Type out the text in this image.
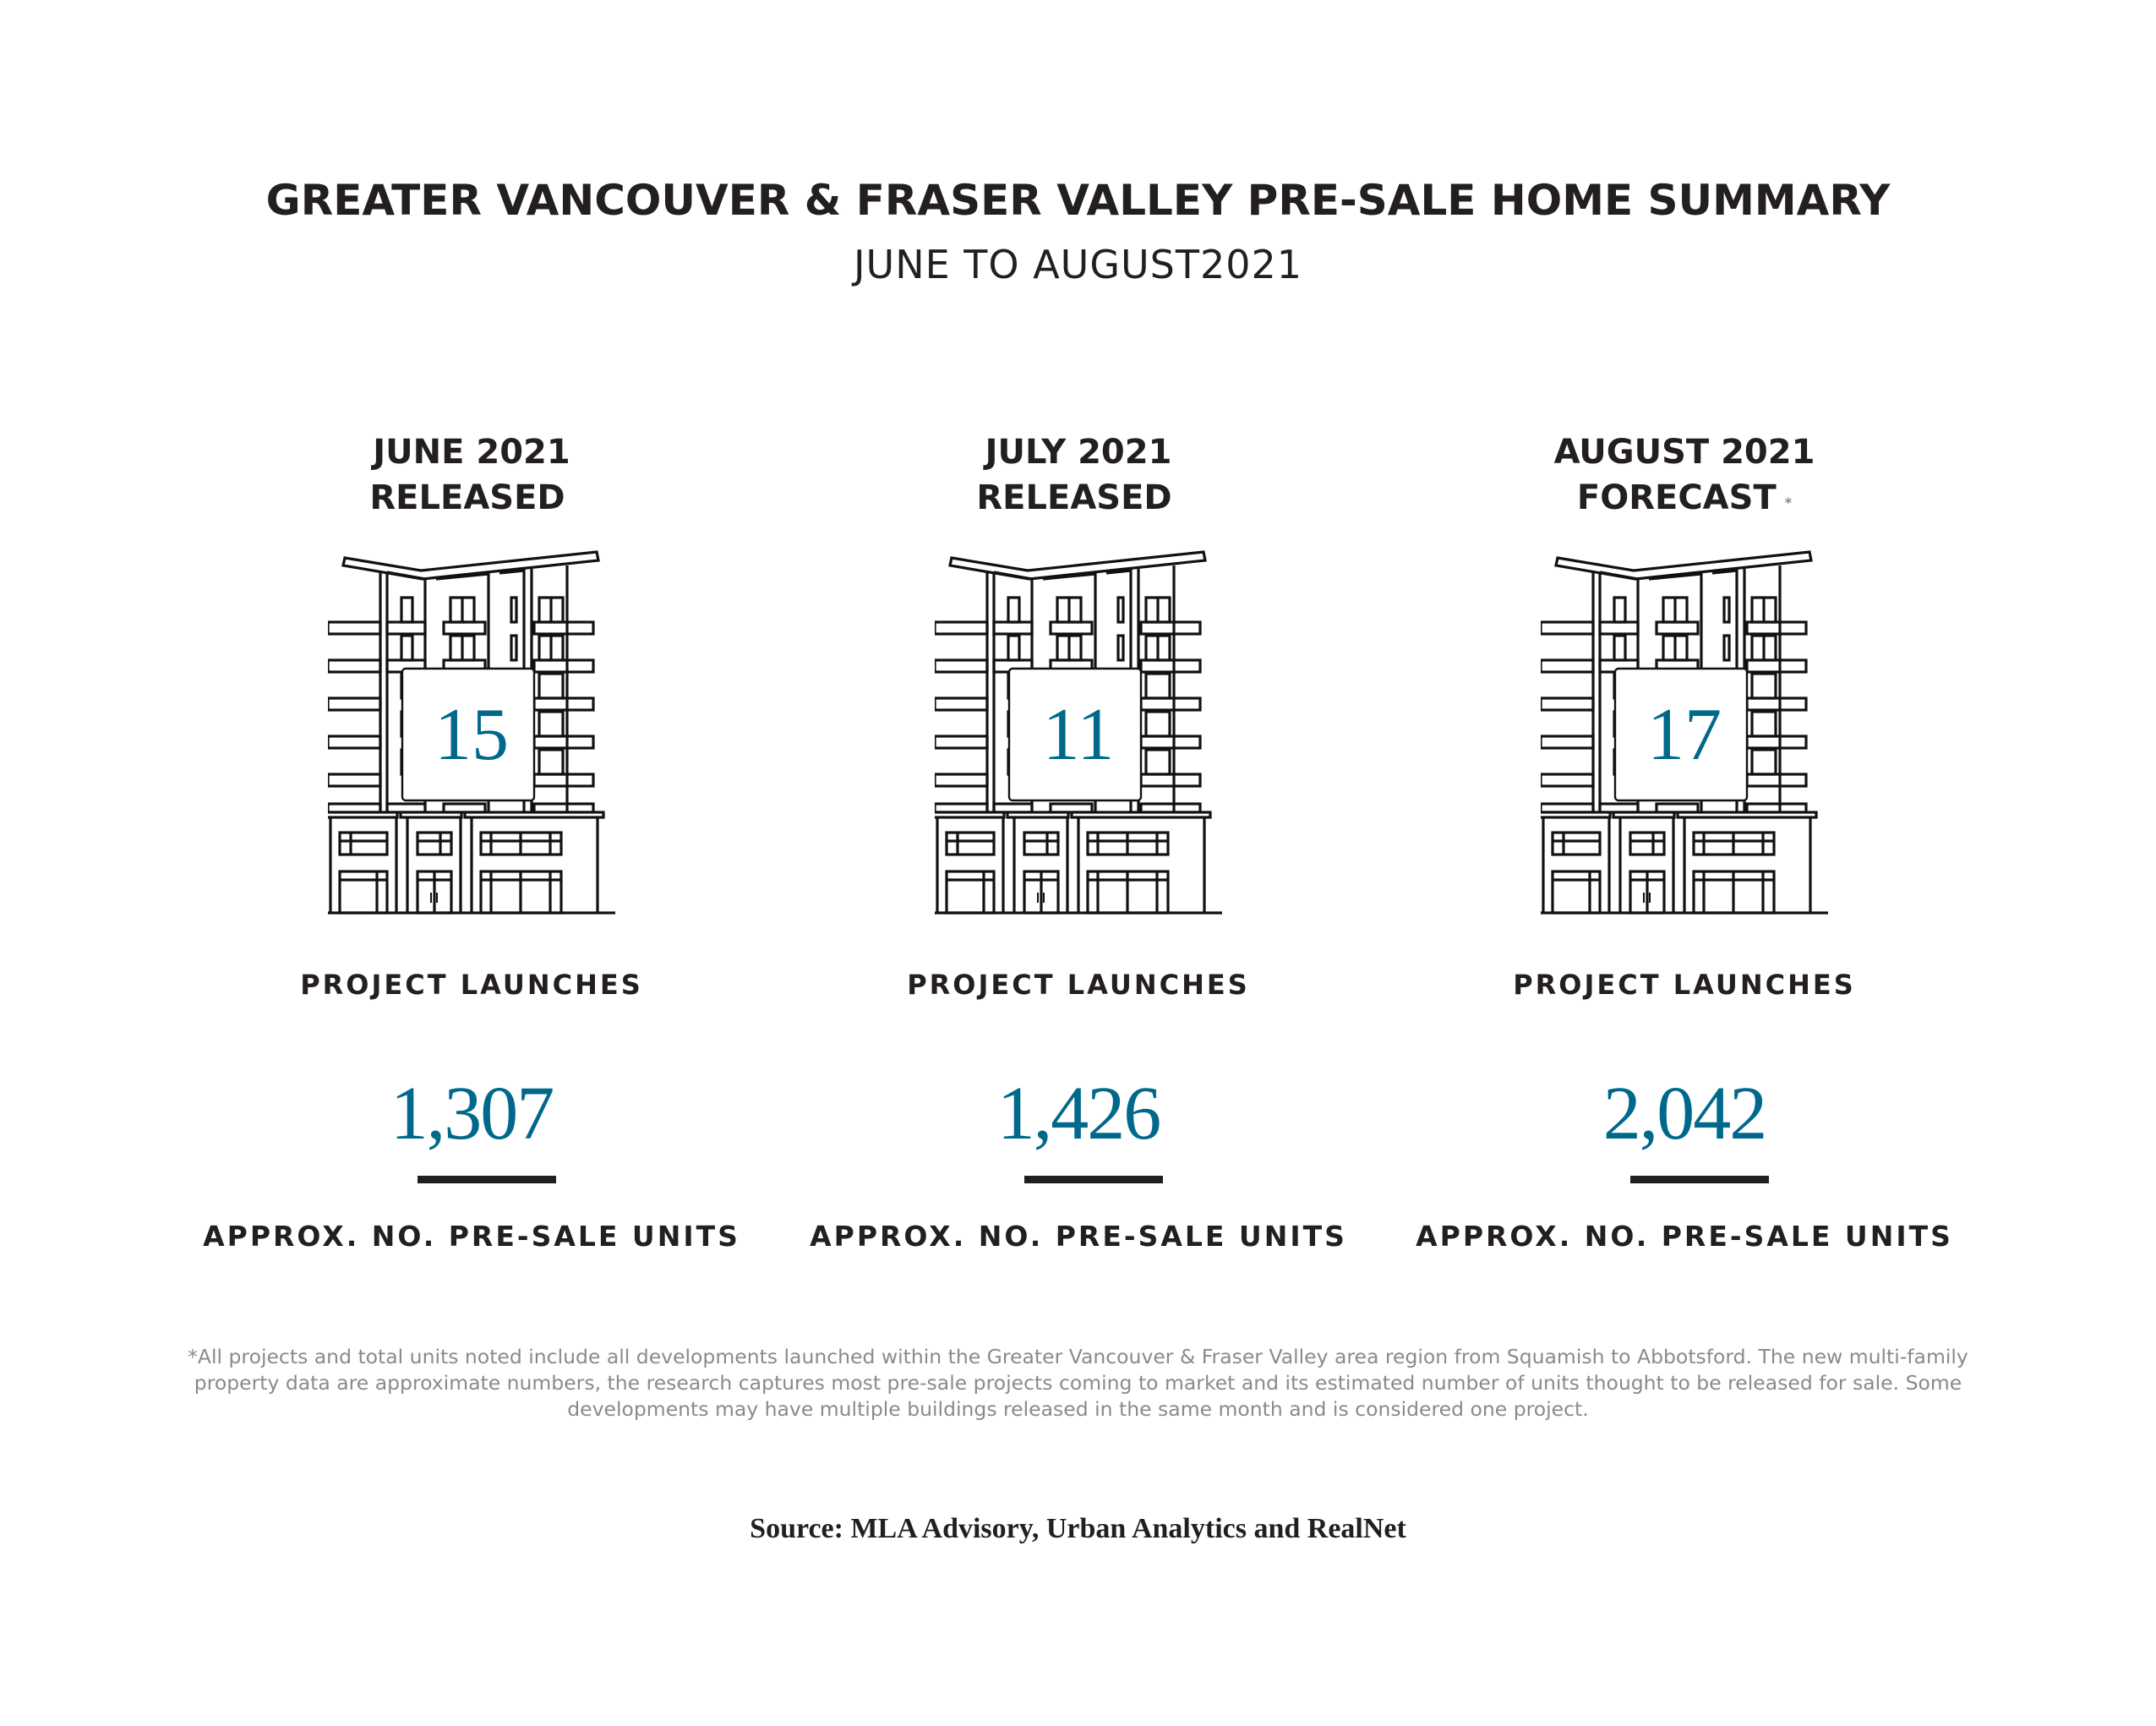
GREATER VANCOUVER & FRASER VALLEY PRE-SALE HOME SUMMARY
JUNE TO AUGUST2021
JUNE 2021
RELEASED
15
PROJECT LAUNCHES
1,307
APPROX. NO. PRE-SALE UNITS
JULY 2021
RELEASED
11
PROJECT LAUNCHES
1,426
APPROX. NO. PRE-SALE UNITS
AUGUST 2021
FORECAST *
17
PROJECT LAUNCHES
2,042
APPROX. NO. PRE-SALE UNITS
*All projects and total units noted include all developments launched within the Greater Vancouver & Fraser Valley area region from Squamish to Abbotsford. The new multi-family property data are approximate numbers, the research captures most pre-sale projects coming to market and its estimated number of units thought to be released for sale. Some developments may have multiple buildings released in the same month and is considered one project.
Source: MLA Advisory, Urban Analytics and RealNet
